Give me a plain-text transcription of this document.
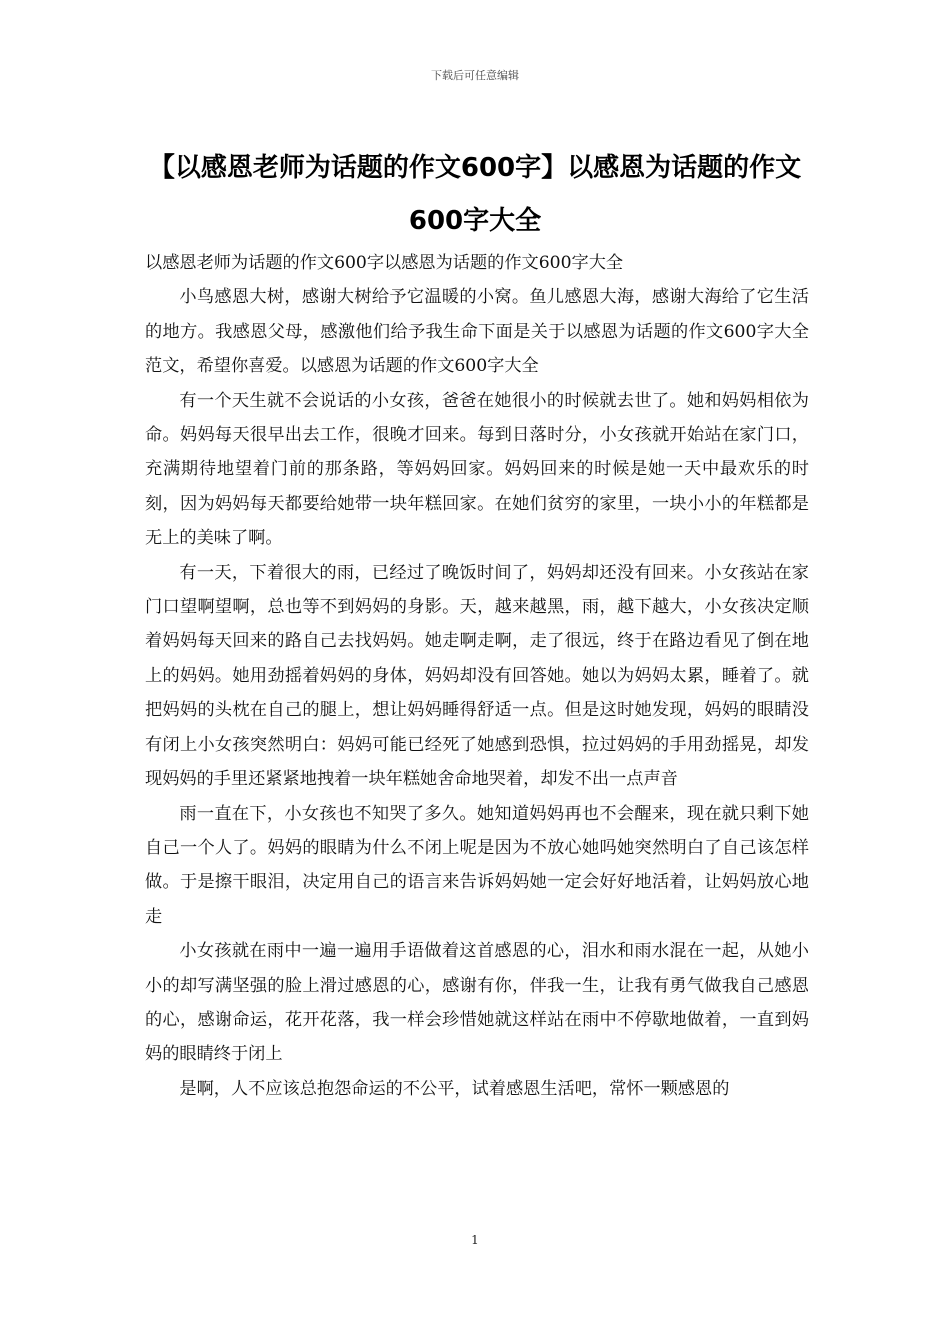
下载后可任意编辑
【以感恩老师为话题的作文600字】以感恩为话题的作文600字大全

以感恩老师为话题的作文600字以感恩为话题的作文600字大全

小鸟感恩大树，感谢大树给予它温暖的小窝。鱼儿感恩大海，感谢大海给了它生活的地方。我感恩父母，感激他们给予我生命下面是关于以感恩为话题的作文600字大全范文，希望你喜爱。以感恩为话题的作文600字大全

有一个天生就不会说话的小女孩，爸爸在她很小的时候就去世了。她和妈妈相依为命。妈妈每天很早出去工作，很晚才回来。每到日落时分，小女孩就开始站在家门口，充满期待地望着门前的那条路，等妈妈回家。妈妈回来的时候是她一天中最欢乐的时刻，因为妈妈每天都要给她带一块年糕回家。在她们贫穷的家里，一块小小的年糕都是无上的美味了啊。

有一天，下着很大的雨，已经过了晚饭时间了，妈妈却还没有回来。小女孩站在家门口望啊望啊，总也等不到妈妈的身影。天，越来越黑，雨，越下越大，小女孩决定顺着妈妈每天回来的路自己去找妈妈。她走啊走啊，走了很远，终于在路边看见了倒在地上的妈妈。她用劲摇着妈妈的身体，妈妈却没有回答她。她以为妈妈太累，睡着了。就把妈妈的头枕在自己的腿上，想让妈妈睡得舒适一点。但是这时她发现，妈妈的眼睛没有闭上小女孩突然明白：妈妈可能已经死了她感到恐惧，拉过妈妈的手用劲摇晃，却发现妈妈的手里还紧紧地拽着一块年糕她舍命地哭着，却发不出一点声音

雨一直在下，小女孩也不知哭了多久。她知道妈妈再也不会醒来，现在就只剩下她自己一个人了。妈妈的眼睛为什么不闭上呢是因为不放心她吗她突然明白了自己该怎样做。于是擦干眼泪，决定用自己的语言来告诉妈妈她一定会好好地活着，让妈妈放心地走

小女孩就在雨中一遍一遍用手语做着这首感恩的心，泪水和雨水混在一起，从她小小的却写满坚强的脸上滑过感恩的心，感谢有你，伴我一生，让我有勇气做我自己感恩的心，感谢命运，花开花落，我一样会珍惜她就这样站在雨中不停歇地做着，一直到妈妈的眼睛终于闭上

是啊，人不应该总抱怨命运的不公平，试着感恩生活吧，常怀一颗感恩的

1
